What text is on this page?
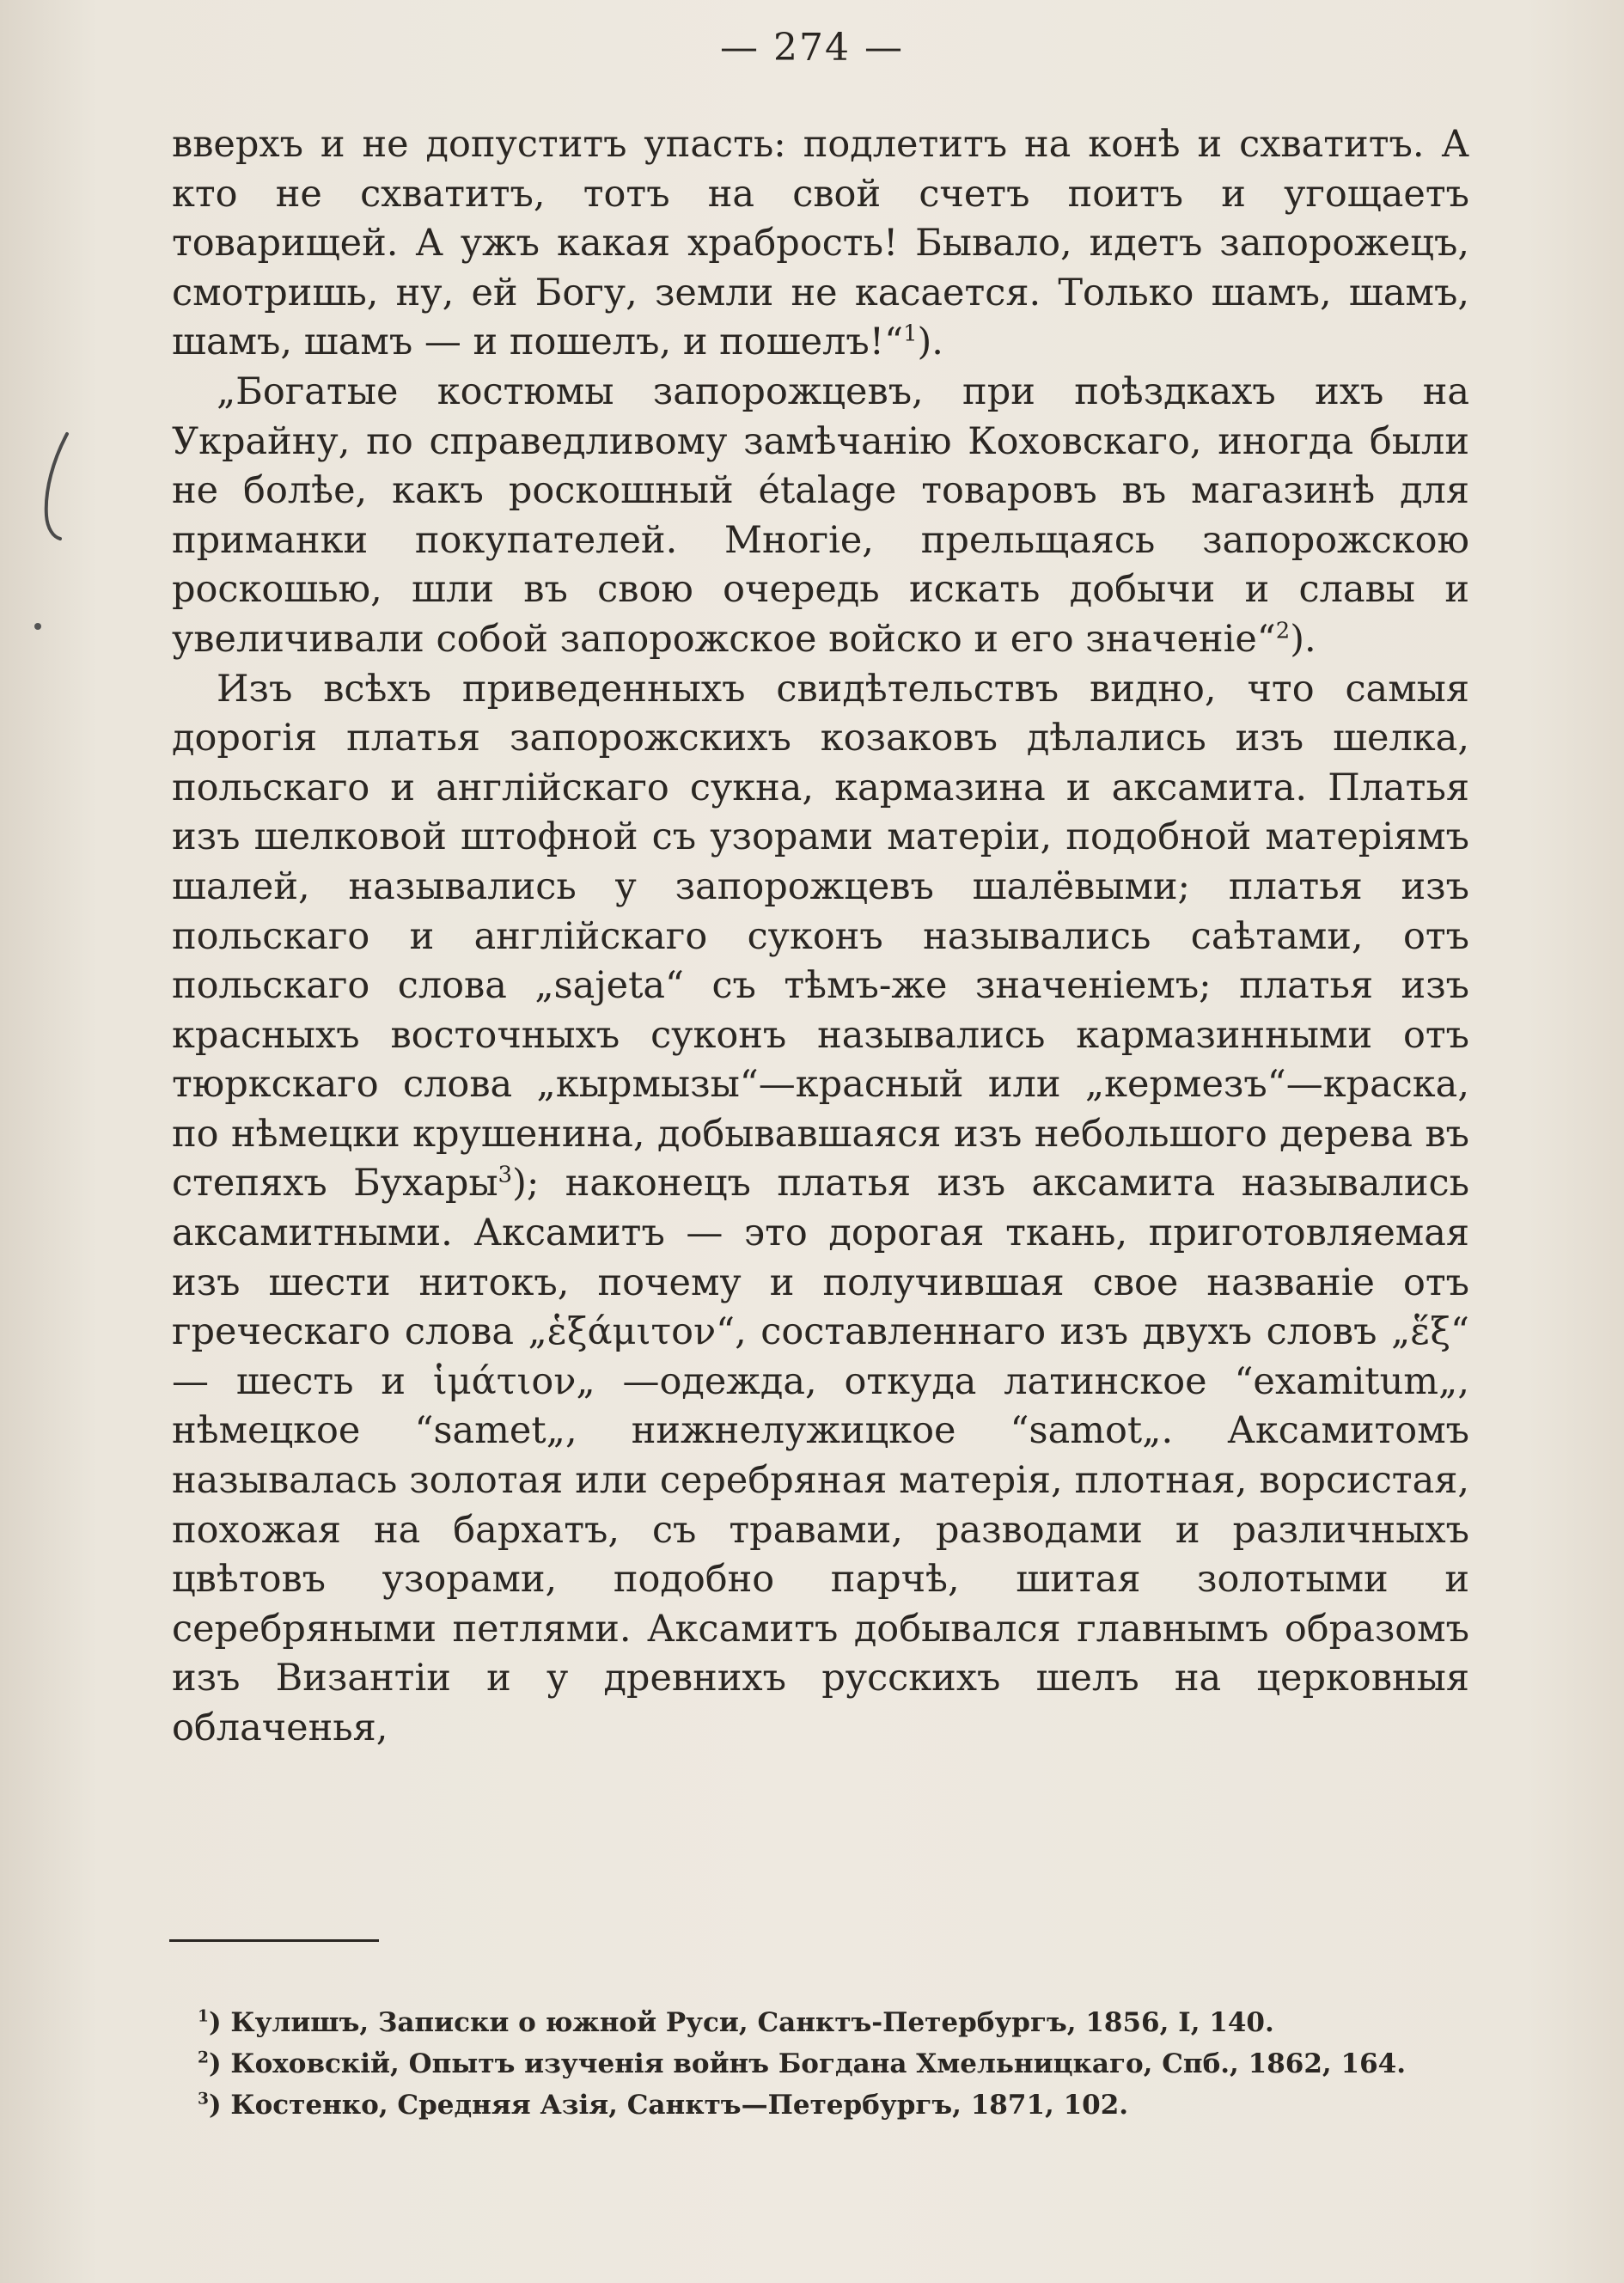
— 274 —

вверхъ и не допуститъ упасть: подлетитъ на конѣ и схватитъ. А кто не схватитъ, тотъ на свой счетъ поитъ и угощаетъ товарищей. А ужъ какая храбрость! Бывало, идетъ запорожецъ, смотришь, ну, ей Богу, земли не касается. Только шамъ, шамъ, шамъ, шамъ — и пошелъ, и пошелъ!“$^1$).

„Богатые костюмы запорожцевъ, при поѣздкахъ ихъ на Украйну, по справедливому замѣчанію Коховскаго, иногда были не болѣе, какъ роскошный étalage товаровъ въ магазинѣ для приманки покупателей. Многіе, прельщаясь запорожскою роскошью, шли въ свою очередь искать добычи и славы и увеличивали собой запорожское войско и его значеніе“$^2$).

Изъ всѣхъ приведенныхъ свидѣтельствъ видно, что самыя дорогія платья запорожскихъ козаковъ дѣлались изъ шелка, польскаго и англійскаго сукна, кармазина и аксамита. Платья изъ шелковой штофной съ узорами матеріи, подобной матеріямъ шалей, назывались у запорожцевъ шалёвыми; платья изъ польскаго и англійскаго суконъ назывались саѣтами, отъ польскаго слова „sajeta“ съ тѣмъ-же значеніемъ; платья изъ красныхъ восточныхъ суконъ назывались кармазинными отъ тюркскаго слова „кырмызы“—красный или „кермезъ“—краска, по нѣмецки крушенина, добывавшаяся изъ небольшого дерева въ степяхъ Бухары$^3$); наконецъ платья изъ аксамита назывались аксамитными. Аксамитъ — это дорогая ткань, приготовляемая изъ шести нитокъ, почему и получившая свое названіе отъ греческаго слова „ἑξάμιτον“, составленнаго изъ двухъ словъ „ἕξ“ — шесть и ἱμάτιον„ —одежда, откуда латинское “examitum„, нѣмецкое “samet„, нижнелужицкое “samot„. Аксамитомъ называлась золотая или серебряная матерія, плотная, ворсистая, похожая на бархатъ, съ травами, разводами и различныхъ цвѣтовъ узорами, подобно парчѣ, шитая золотыми и серебряными петлями. Аксамитъ добывался главнымъ образомъ изъ Византіи и у древнихъ русскихъ шелъ на церковныя облаченья,

$^1$) Кулишъ, Записки о южной Руси, Санктъ-Петербургъ, 1856, I, 140.

$^2$) Коховскій, Опытъ изученія войнъ Богдана Хмельницкаго, Спб., 1862, 164.

$^3$) Костенко, Средняя Азія, Санктъ—Петербургъ, 1871, 102.
